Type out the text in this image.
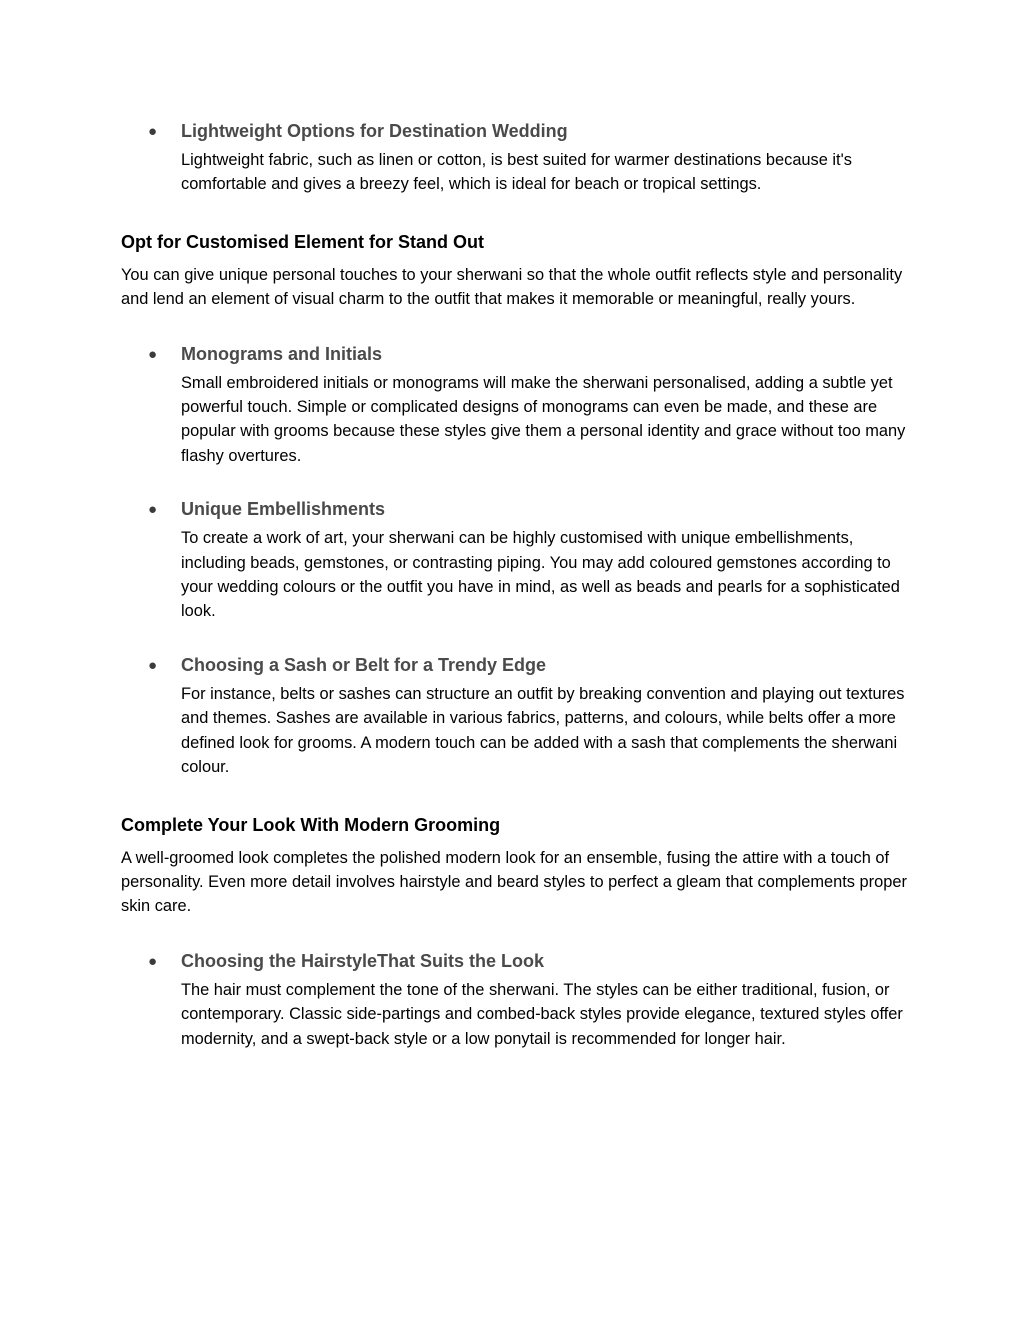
● Lightweight Options for Destination Wedding

Lightweight fabric, such as linen or cotton, is best suited for warmer destinations because it's comfortable and gives a breezy feel, which is ideal for beach or tropical settings.

Opt for Customised Element for Stand Out

You can give unique personal touches to your sherwani so that the whole outfit reflects style and personality and lend an element of visual charm to the outfit that makes it memorable or meaningful, really yours.

● Monograms and Initials

Small embroidered initials or monograms will make the sherwani personalised, adding a subtle yet powerful touch. Simple or complicated designs of monograms can even be made, and these are popular with grooms because these styles give them a personal identity and grace without too many flashy overtures.

● Unique Embellishments

To create a work of art, your sherwani can be highly customised with unique embellishments, including beads, gemstones, or contrasting piping. You may add coloured gemstones according to your wedding colours or the outfit you have in mind, as well as beads and pearls for a sophisticated look.

● Choosing a Sash or Belt for a Trendy Edge

For instance, belts or sashes can structure an outfit by breaking convention and playing out textures and themes. Sashes are available in various fabrics, patterns, and colours, while belts offer a more defined look for grooms. A modern touch can be added with a sash that complements the sherwani colour.

Complete Your Look With Modern Grooming

A well-groomed look completes the polished modern look for an ensemble, fusing the attire with a touch of personality. Even more detail involves hairstyle and beard styles to perfect a gleam that complements proper skin care.

● Choosing the HairstyleThat Suits the Look

The hair must complement the tone of the sherwani. The styles can be either traditional, fusion, or contemporary. Classic side-partings and combed-back styles provide elegance, textured styles offer modernity, and a swept-back style or a low ponytail is recommended for longer hair.
